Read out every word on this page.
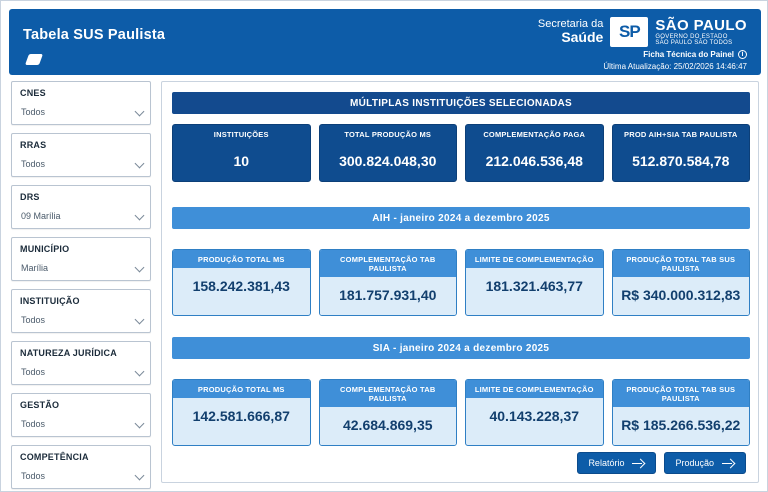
Tabela SUS Paulista
Secretaria da
Saúde SP	SÃO PAULO
GOVERNO DO ESTADO
SÃO PAULO SÃO TODOS
Ficha Técnica do Painel	i
Última Atualização: 25/02/2026 14:46:47
CNES
Todos
RRAS
Todos
DRS
09 Marília
MUNICÍPIO
Marília
INSTITUIÇÃO
Todos
NATUREZA JURÍDICA
Todos
GESTÃO
Todos
COMPETÊNCIA
Todos
MÚLTIPLAS INSTITUIÇÕES SELECIONADAS
INSTITUIÇÕES
10
TOTAL PRODUÇÃO MS
300.824.048,30
COMPLEMENTAÇÃO PAGA
212.046.536,48
PROD AIH+SIA TAB PAULISTA
512.870.584,78
AIH - janeiro 2024 a dezembro 2025
PRODUÇÃO TOTAL MS
158.242.381,43
COMPLEMENTAÇÃO TAB PAULISTA
181.757.931,40
LIMITE DE COMPLEMENTAÇÃO
181.321.463,77
PRODUÇÃO TOTAL TAB SUS PAULISTA
R$ 340.000.312,83
SIA - janeiro 2024 a dezembro 2025
PRODUÇÃO TOTAL MS
142.581.666,87
COMPLEMENTAÇÃO TAB PAULISTA
42.684.869,35
LIMITE DE COMPLEMENTAÇÃO
40.143.228,37
PRODUÇÃO TOTAL TAB SUS PAULISTA
R$ 185.266.536,22
Relatório	Produção
